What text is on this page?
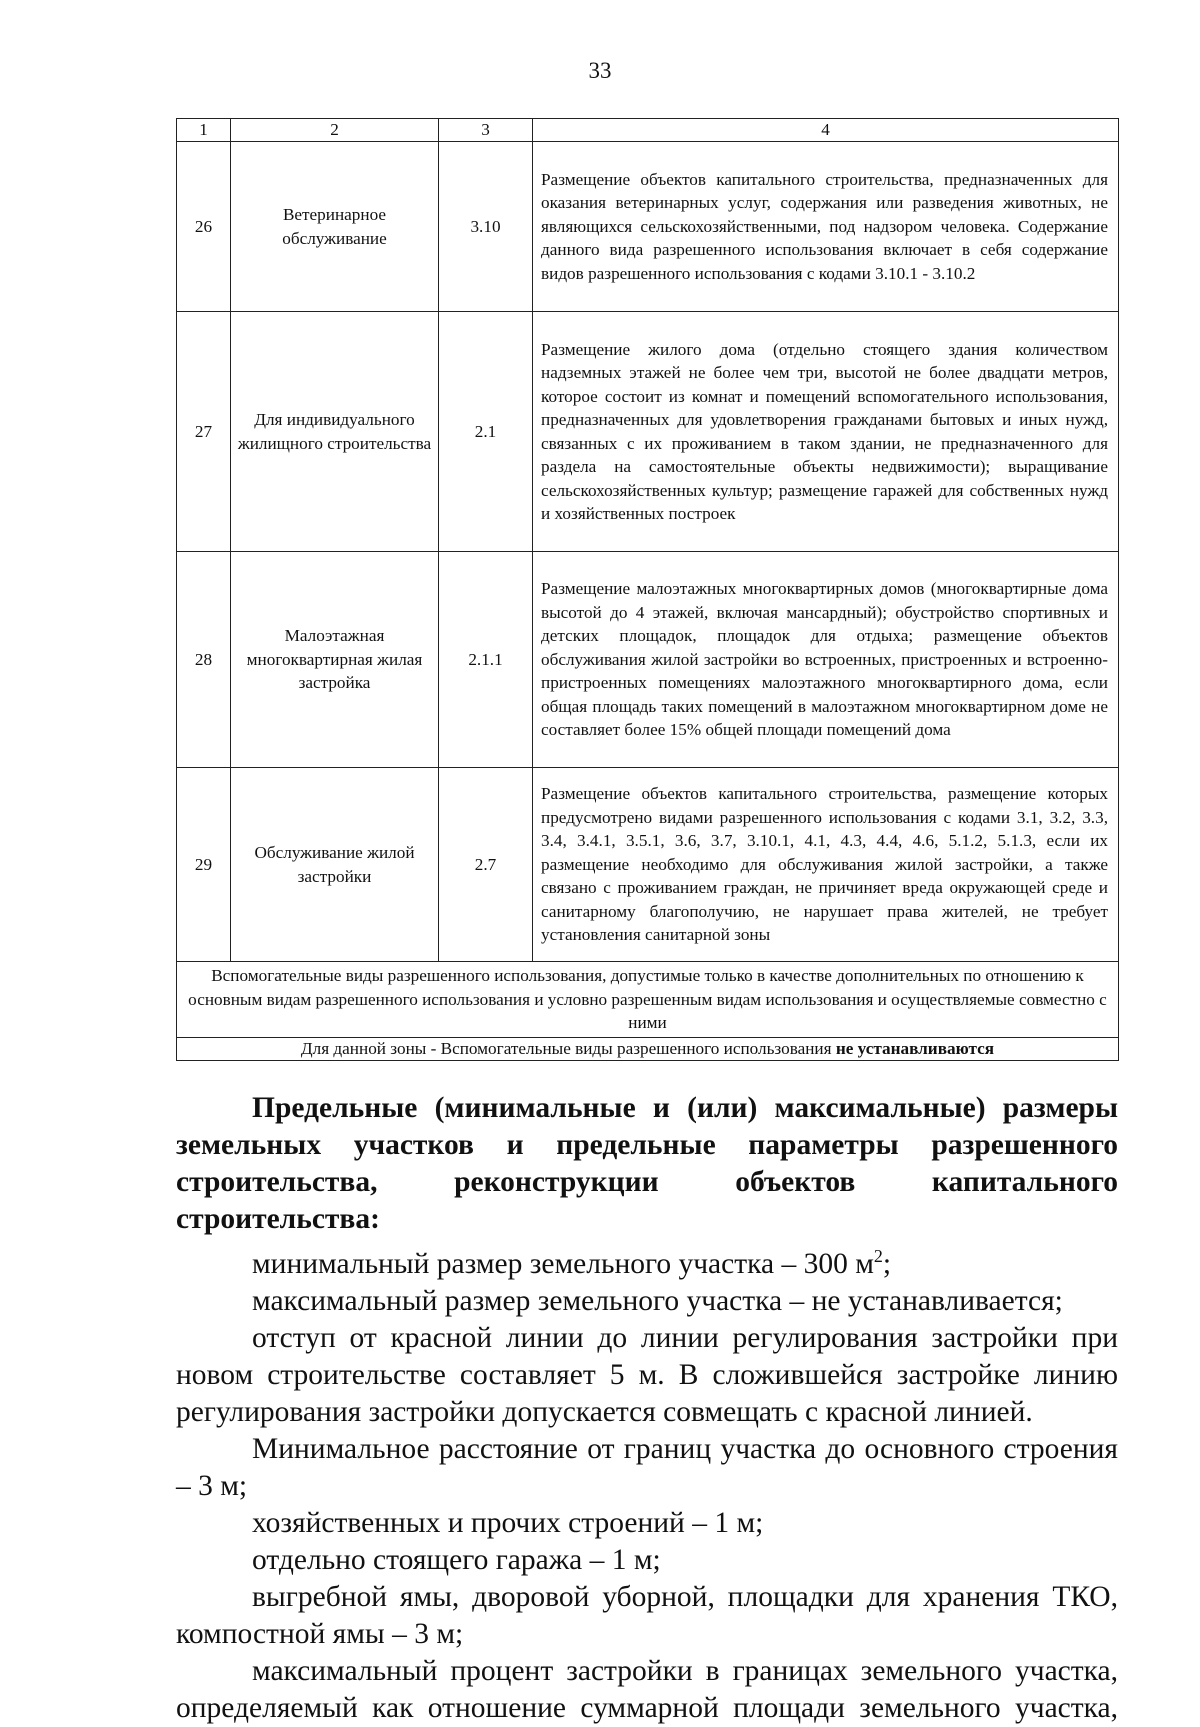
33
1	2	3	4
26	Ветеринарное обслуживание	3.10	Размещение объектов капитального строительства, предназначенных для оказания ветеринарных услуг, содержания или разведения животных, не являющихся сельскохозяйственными, под надзором человека. Содержание данного вида разрешенного использования включает в себя содержание видов разрешенного использования с кодами 3.10.1 - 3.10.2
27	Для индивидуального жилищного строительства	2.1	Размещение жилого дома (отдельно стоящего здания количеством надземных этажей не более чем три, высотой не более двадцати метров, которое состоит из комнат и помещений вспомогательного использования, предназначенных для удовлетворения гражданами бытовых и иных нужд, связанных с их проживанием в таком здании, не предназначенного для раздела на самостоятельные объекты недвижимости); выращивание сельскохозяйственных культур; размещение гаражей для собственных нужд и хозяйственных построек
28	Малоэтажная многоквартирная жилая застройка	2.1.1	Размещение малоэтажных многоквартирных домов (многоквартирные дома высотой до 4 этажей, включая мансардный); обустройство спортивных и детских площадок, площадок для отдыха; размещение объектов обслуживания жилой застройки во встроенных, пристроенных и встроенно-пристроенных помещениях малоэтажного многоквартирного дома, если общая площадь таких помещений в малоэтажном многоквартирном доме не составляет более 15% общей площади помещений дома
29	Обслуживание жилой застройки	2.7	Размещение объектов капитального строительства, размещение которых предусмотрено видами разрешенного использования с кодами 3.1, 3.2, 3.3, 3.4, 3.4.1, 3.5.1, 3.6, 3.7, 3.10.1, 4.1, 4.3, 4.4, 4.6, 5.1.2, 5.1.3, если их размещение необходимо для обслуживания жилой застройки, а также связано с проживанием граждан, не причиняет вреда окружающей среде и санитарному благополучию, не нарушает права жителей, не требует установления санитарной зоны
Вспомогательные виды разрешенного использования, допустимые только в качестве дополнительных по отношению к основным видам разрешенного использования и условно разрешенным видам использования и осуществляемые совместно с ними			
Для данной зоны - Вспомогательные виды разрешенного использования не устанавливаются			

Предельные (минимальные и (или) максимальные) размеры земельных участков и предельные параметры разрешенного строительства, реконструкции объектов капитального строительства:

минимальный размер земельного участка – 300 $м^2$;

максимальный размер земельного участка – не устанавливается;

отступ от красной линии до линии регулирования застройки при новом строительстве составляет 5 м. В сложившейся застройке линию регулирования застройки допускается совмещать с красной линией.

Минимальное расстояние от границ участка до основного строения – 3 м;

хозяйственных и прочих строений – 1 м;

отдельно стоящего гаража – 1 м;

выгребной ямы, дворовой уборной, площадки для хранения ТКО, компостной ямы – 3 м;

максимальный процент застройки в границах земельного участка, определяемый как отношение суммарной площади земельного участка,
